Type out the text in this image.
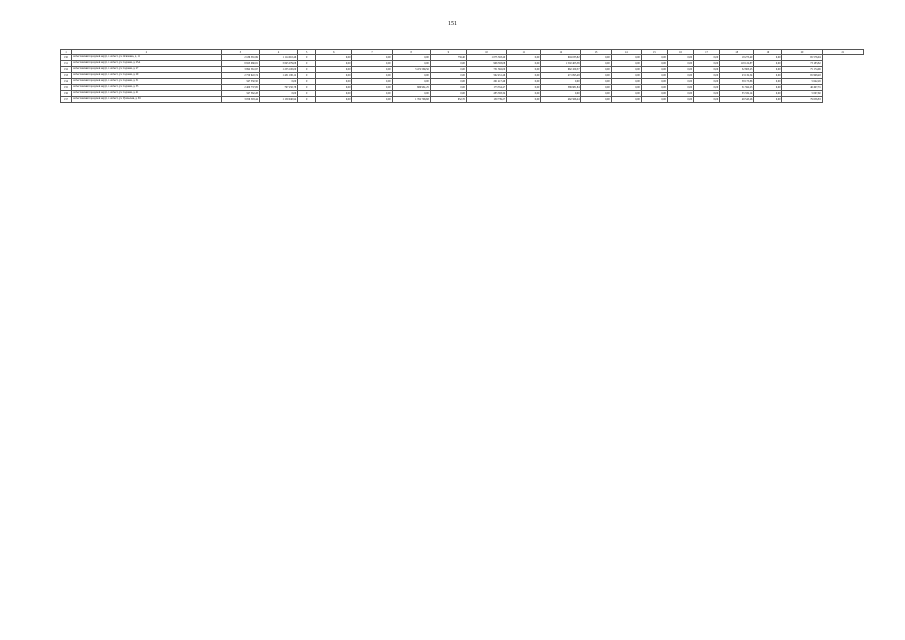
151
1	2	3	4	5	6	7	8	9	10	11	12	13	14	15	16	17	18	19	20	21
150	Асбестовский городской округ, г. Асбест, ул. Осипенко, д. 11	2 186 381,99	1 114 910,46	0	0,00	0,00	0,00	759,40	1 075 593,40	0,00	604 033,82	0,00	0,00	0,00	0,00	0,00	18 275,40	0,00	65 576,94	
151	Асбестовский городской округ, г. Асбест, ул. Садовая, д. 25А	8 823 066,81	3 845 079,08	0	0,00	0,00	0,00	0,00	966 583,08	0,00	1 502 403,58	0,00	0,00	0,00	0,00	0,00	118 122,87	0,00	73 183,82	
152	Асбестовский городской округ, г. Асбест, ул. Садовая, д. 27	3 992 561,97	1 255 100,00	0	0,00	0,00	3 472 566,56	0,00	731 362,00	0,00	662 109,57	0,00	0,00	0,00	0,00	0,00	32 803,25	0,00	75 174,96	
153	Асбестовский городской округ, г. Асбест, ул. Садовая, д. 29	2 750 922,74	1 431 180,12	0	0,00	0,00	0,00	0,00	562 451,46	0,00	471 095,48	0,00	0,00	0,00	0,00	0,00	23 132,54	0,00	65 998,48	
154	Асбестовский городской округ, г. Асбест, ул. Садовая, д. 31	347 350,50	0,00	0	0,00	0,00	0,00	0,00	261 417,49	0,00	0,00	0,00	0,00	0,00	0,00	0,00	58 175,86	0,00	5 642,26	
155	Асбестовский городской округ, г. Асбест, ул. Садовая, д. 35	2 400 737,85	797 250,78	0	0,00	0,00	686 961,25	0,00	173 354,47	0,00	389 981,84	0,00	0,00	0,00	0,00	0,00	31 592,23	0,00	46 497,55	
156	Асбестовский городской округ, г. Асбест, ул. Садовая, д. 41	347 362,28	0,00	0	0,00	0,00	0,00	0,00	285 383,34	0,00	0,00	0,00	0,00	0,00	0,00	0,00	35 332,14	0,00	5 067,60	
157	Асбестовский городской округ, г. Асбест, ул. Уральская, д. 63	3 056 593,44	1 159 940,94	0	0,00	0,00	1 762 796,68	652,70	130 739,27	0,00	462 566,24	0,00	0,00	0,00	0,00	0,00	49 545,26	0,00	79 656,83	
